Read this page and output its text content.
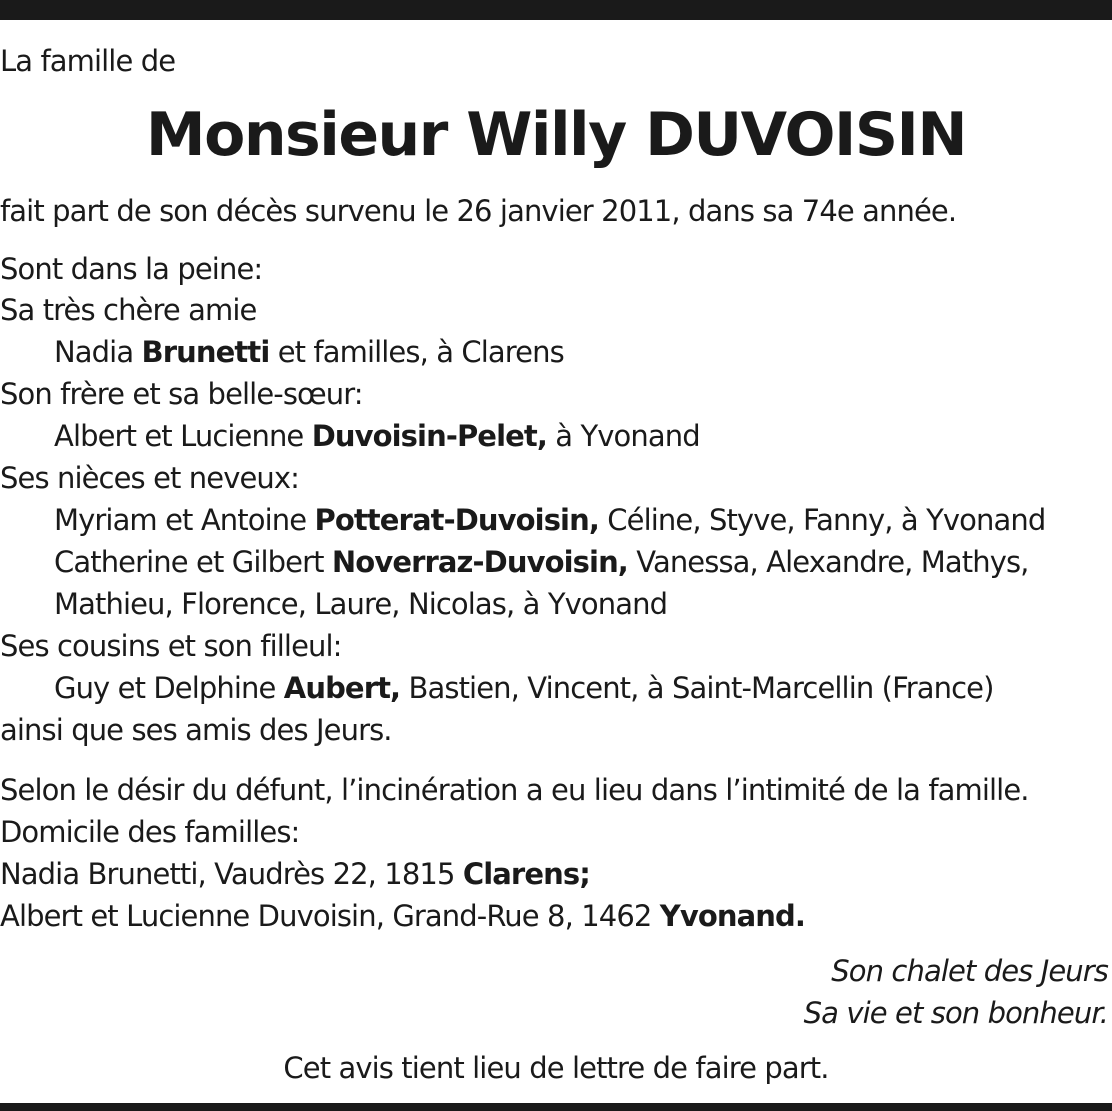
La famille de
Monsieur Willy DUVOISIN
fait part de son décès survenu le 26 janvier 2011, dans sa 74e année.
Sont dans la peine:
Sa très chère amie
Nadia Brunetti et familles, à Clarens
Son frère et sa belle-sœur:
Albert et Lucienne Duvoisin-Pelet, à Yvonand
Ses nièces et neveux:
Myriam et Antoine Potterat-Duvoisin, Céline, Styve, Fanny, à Yvonand
Catherine et Gilbert Noverraz-Duvoisin, Vanessa, Alexandre, Mathys,
Mathieu, Florence, Laure, Nicolas, à Yvonand
Ses cousins et son filleul:
Guy et Delphine Aubert, Bastien, Vincent, à Saint-Marcellin (France)
ainsi que ses amis des Jeurs.
Selon le désir du défunt, l’incinération a eu lieu dans l’intimité de la famille.
Domicile des familles:
Nadia Brunetti, Vaudrès 22, 1815 Clarens;
Albert et Lucienne Duvoisin, Grand-Rue 8, 1462 Yvonand.
Son chalet des Jeurs
Sa vie et son bonheur.
Cet avis tient lieu de lettre de faire part.
